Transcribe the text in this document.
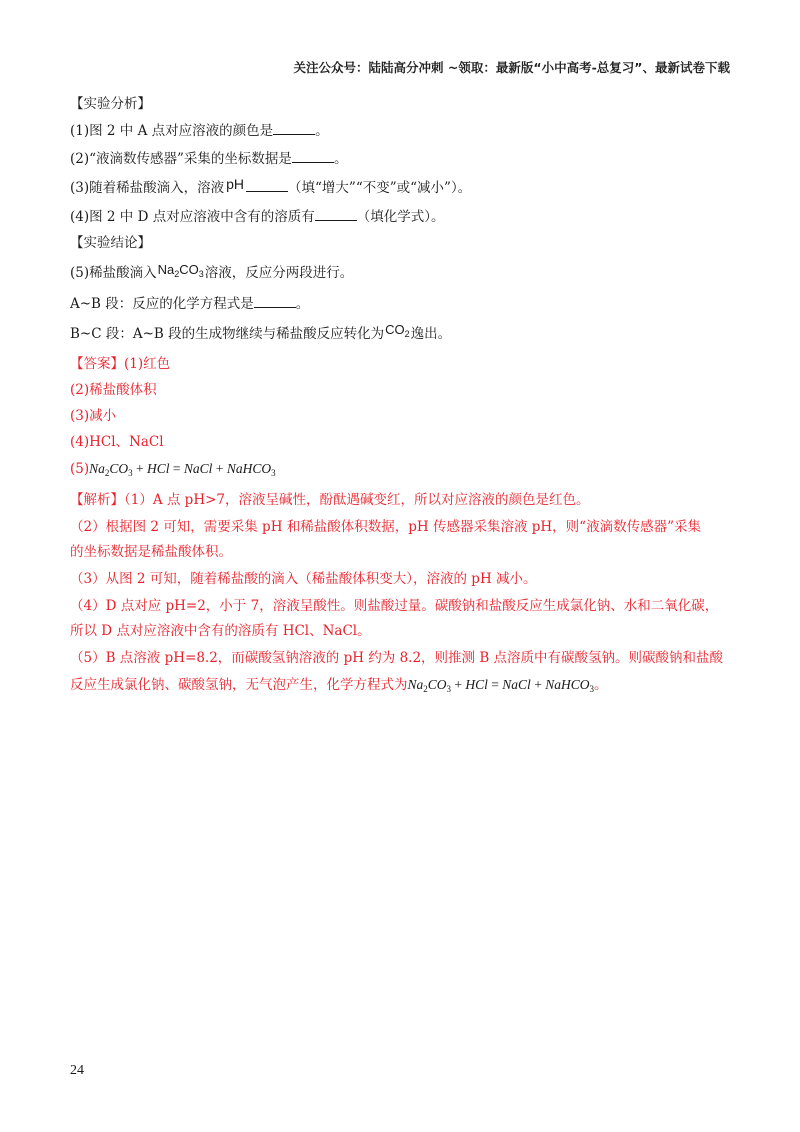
关注公众号：陆陆高分冲刺 ~领取：最新版“小中高考-总复习”、最新试卷下载

【实验分析】

(1)图 2 中 A 点对应溶液的颜色是	。

(2)“液滴数传感器”采集的坐标数据是	。

(3)随着稀盐酸滴入，溶液 pH	（填“增大”“不变”或“减小”）。

(4)图 2 中 D 点对应溶液中含有的溶质有	（填化学式）。

【实验结论】

(5)稀盐酸滴入$Na_2CO_3$溶液，反应分两段进行。

A~B 段：反应的化学方程式是	。

B~C 段：A~B 段的生成物继续与稀盐酸反应转化为$CO_2$逸出。

【答案】(1)红色

(2)稀盐酸体积

(3)减小

(4)HCl、NaCl

$(5)Na_2CO_3$ + HCl = NaCl + NaHCO$_3$

【解析】（1）A 点 pH>7，溶液呈碱性，酚酞遇碱变红，所以对应溶液的颜色是红色。

（2）根据图 2 可知，需要采集 pH 和稀盐酸体积数据，pH 传感器采集溶液 pH，则“液滴数传感器”采集

的坐标数据是稀盐酸体积。

（3）从图 2 可知，随着稀盐酸的滴入（稀盐酸体积变大），溶液的 pH 减小。

（4）D 点对应 pH=2，小于 7，溶液呈酸性。则盐酸过量。碳酸钠和盐酸反应生成氯化钠、水和二氧化碳，

所以 D 点对应溶液中含有的溶质有 HCl、NaCl。

（5）B 点溶液 pH=8.2，而碳酸氢钠溶液的 pH 约为 8.2，则推测 B 点溶质中有碳酸氢钠。则碳酸钠和盐酸

反应生成氯化钠、碳酸氢钠，无气泡产生，化学方程式为$Na_2CO_3$ + HCl = NaCl + NaHCO$_3$。

24
